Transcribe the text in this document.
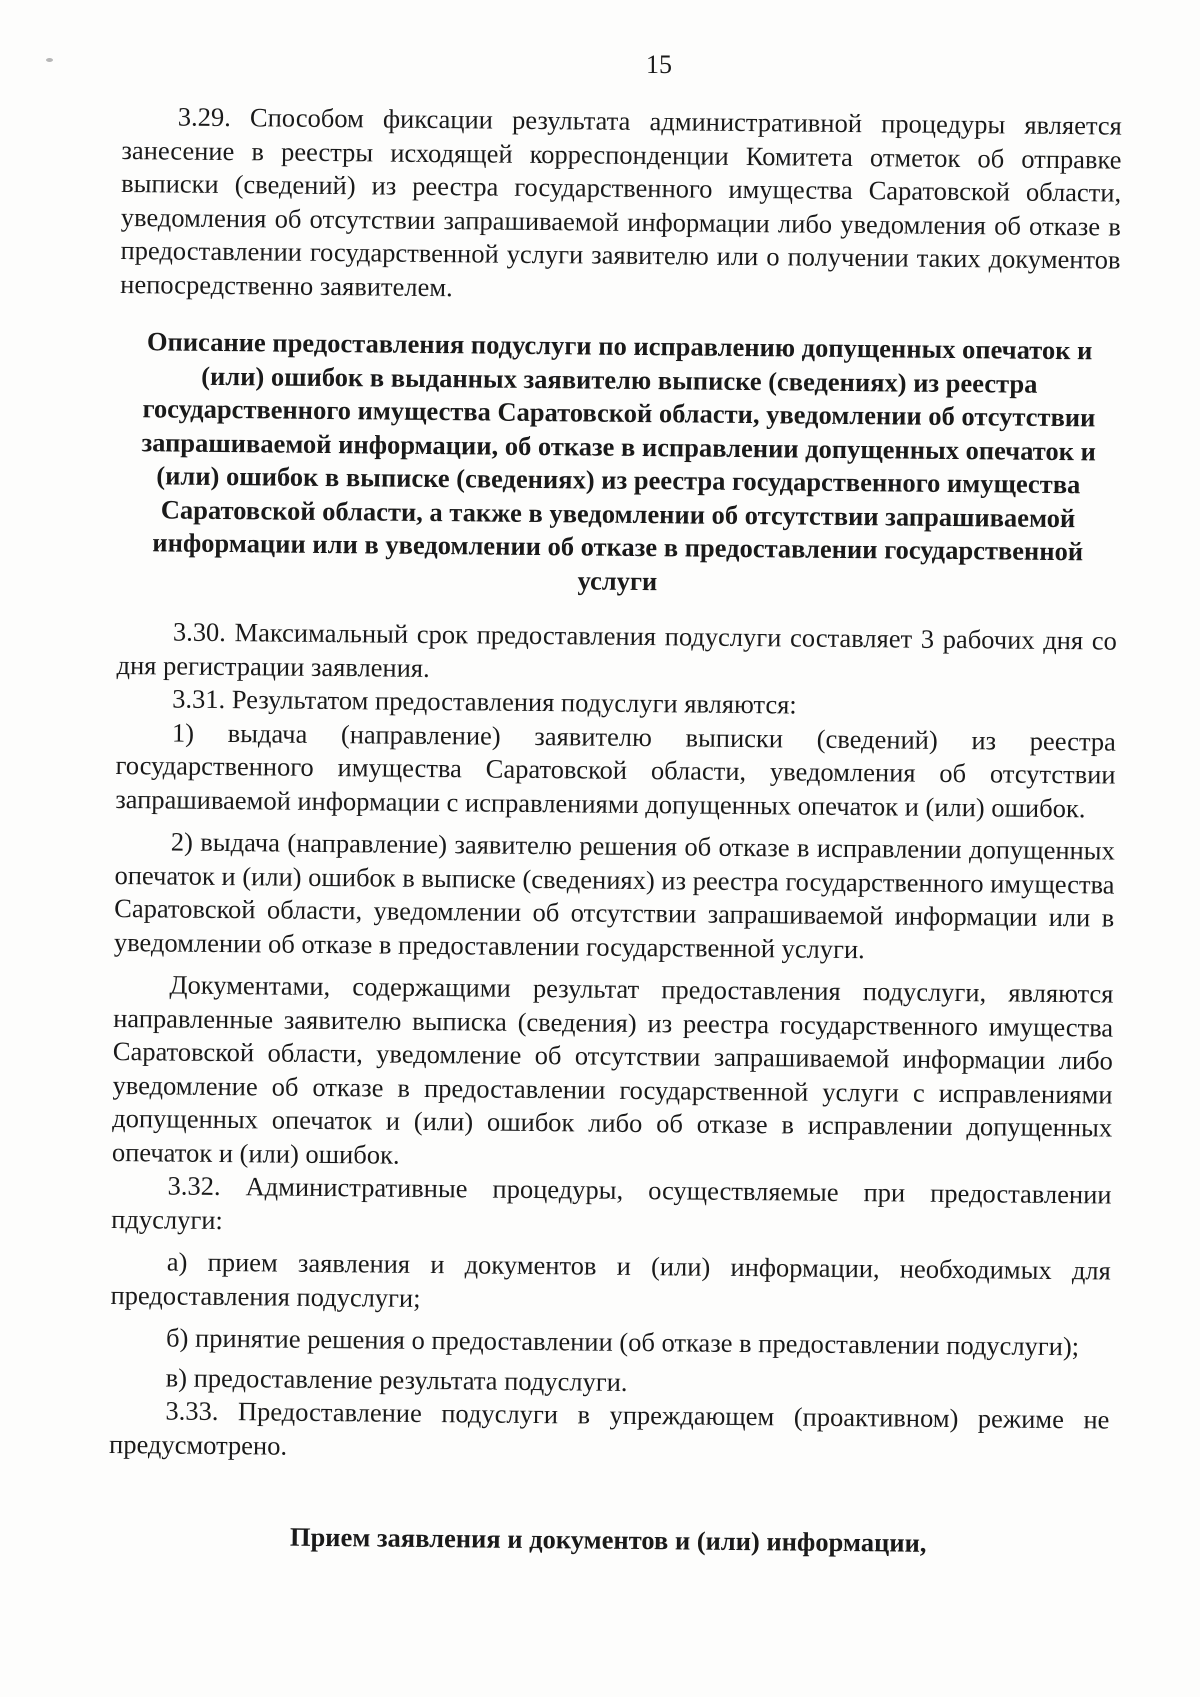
15

3.29. Способом фиксации результата административной процедуры является занесение в реестры исходящей корреспонденции Комитета отметок об отправке выписки (сведений) из реестра государственного имущества Саратовской области, уведомления об отсутствии запрашиваемой информации либо уведомления об отказе в предоставлении государственной услуги заявителю или о получении таких документов непосредственно заявителем.

Описание предоставления подуслуги по исправлению допущенных опечаток и (или) ошибок в выданных заявителю выписке (сведениях) из реестра государственного имущества Саратовской области, уведомлении об отсутствии запрашиваемой информации, об отказе в исправлении допущенных опечаток и (или) ошибок в выписке (сведениях) из реестра государственного имущества Саратовской области, а также в уведомлении об отсутствии запрашиваемой информации или в уведомлении об отказе в предоставлении государственной услуги

3.30. Максимальный срок предоставления подуслуги составляет 3 рабочих дня со дня регистрации заявления.

3.31. Результатом предоставления подуслуги являются:

1) выдача (направление) заявителю выписки (сведений) из реестра государственного имущества Саратовской области, уведомления об отсутствии запрашиваемой информации с исправлениями допущенных опечаток и (или) ошибок.

2) выдача (направление) заявителю решения об отказе в исправлении допущенных опечаток и (или) ошибок в выписке (сведениях) из реестра государственного имущества Саратовской области, уведомлении об отсутствии запрашиваемой информации или в уведомлении об отказе в предоставлении государственной услуги.

Документами, содержащими результат предоставления подуслуги, являются направленные заявителю выписка (сведения) из реестра государственного имущества Саратовской области, уведомление об отсутствии запрашиваемой информации либо уведомление об отказе в предоставлении государственной услуги с исправлениями допущенных опечаток и (или) ошибок либо об отказе в исправлении допущенных опечаток и (или) ошибок.

3.32. Административные процедуры, осуществляемые при предоставлении пдуслуги:

а) прием заявления и документов и (или) информации, необходимых для предоставления подуслуги;

б) принятие решения о предоставлении (об отказе в предоставлении подуслуги);

в) предоставление результата подуслуги.

3.33. Предоставление подуслуги в упреждающем (проактивном) режиме не предусмотрено.

Прием заявления и документов и (или) информации,
